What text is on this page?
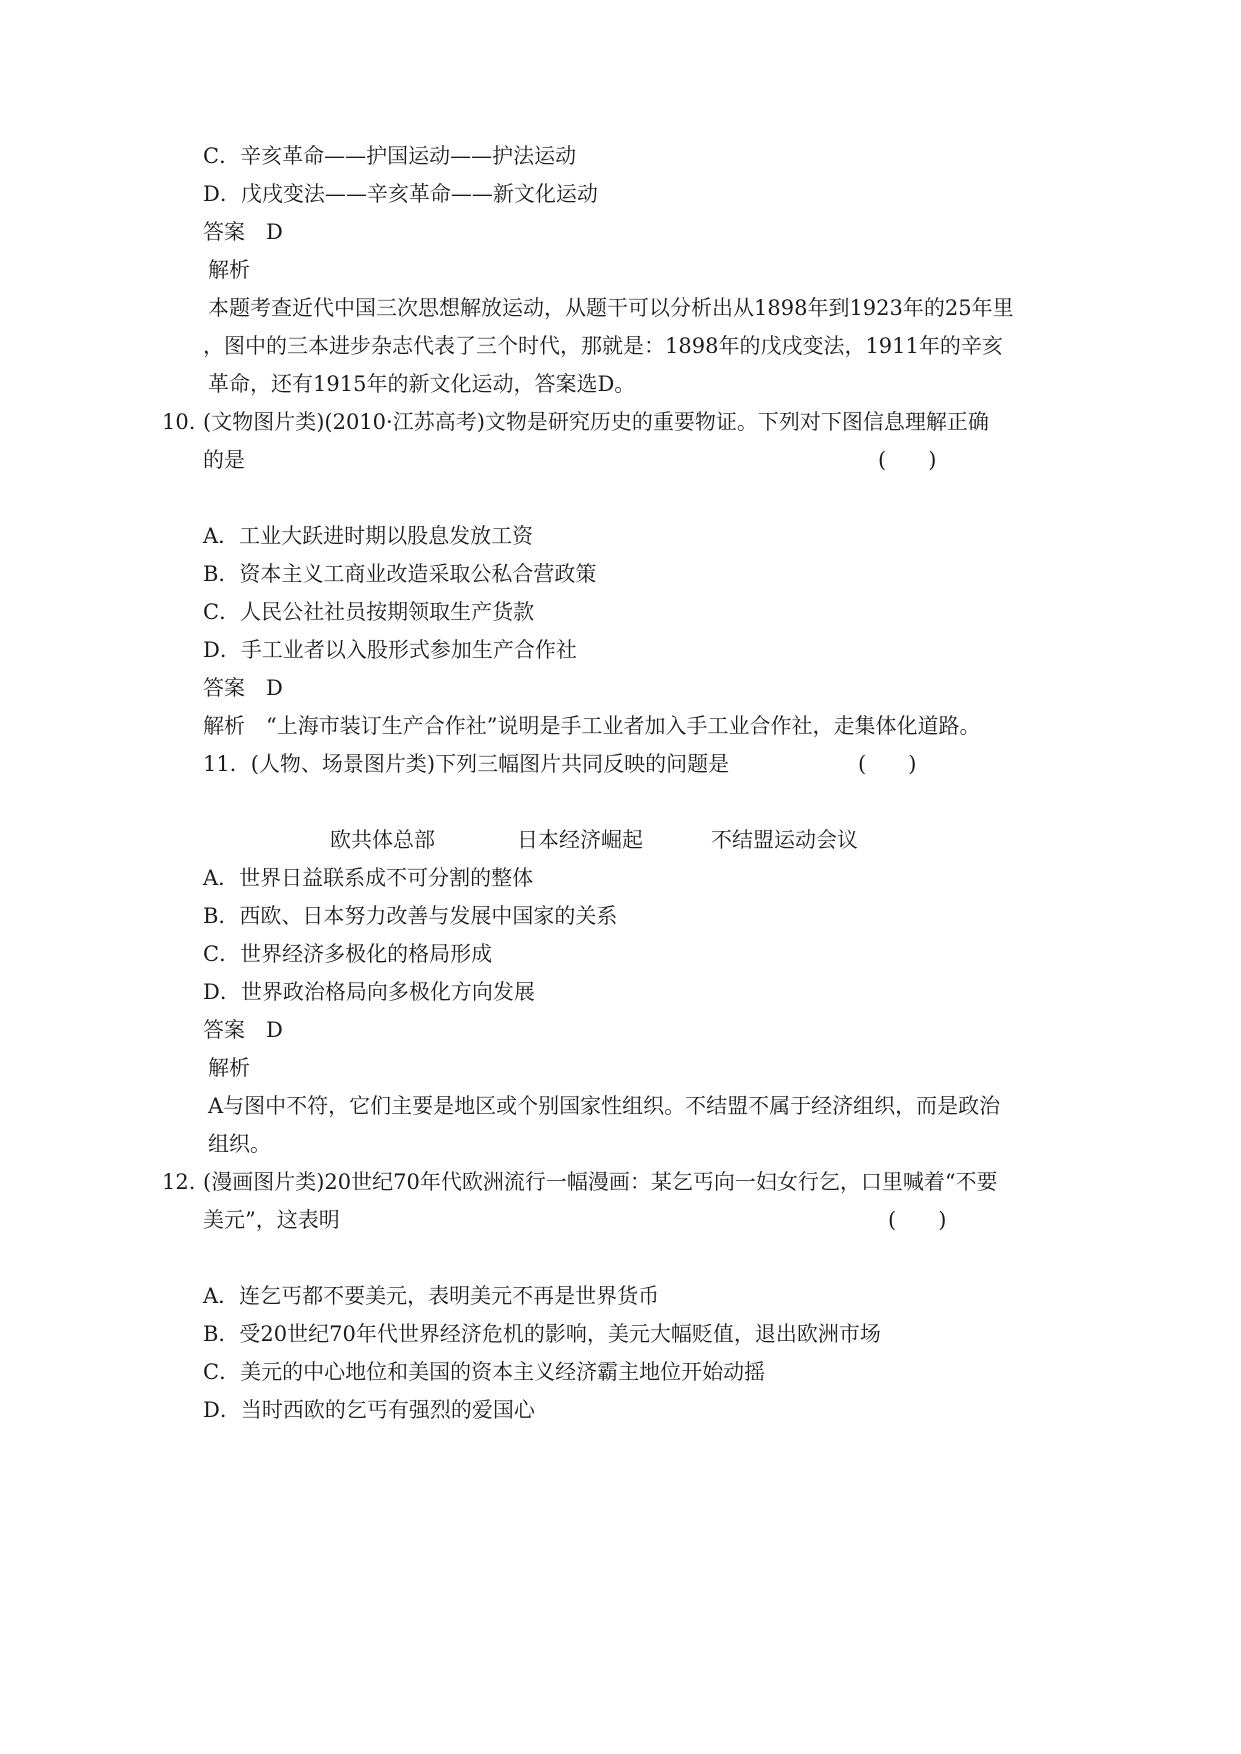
C．辛亥革命——护国运动——护法运动
D．戊戌变法——辛亥革命——新文化运动
答案　D
解析
本题考查近代中国三次思想解放运动，从题干可以分析出从1898年到1923年的25年里
，图中的三本进步杂志代表了三个时代，那就是：1898年的戊戌变法，1911年的辛亥
革命，还有1915年的新文化运动，答案选D。
10. (文物图片类)(2010·江苏高考)文物是研究历史的重要物证。下列对下图信息理解正确
的是	(　　)
A．工业大跃进时期以股息发放工资
B．资本主义工商业改造采取公私合营政策
C．人民公社社员按期领取生产货款
D．手工业者以入股形式参加生产合作社
答案　D
解析　“上海市装订生产合作社”说明是手工业者加入手工业合作社，走集体化道路。
11．(人物、场景图片类)下列三幅图片共同反映的问题是	(　　)
欧共体总部	日本经济崛起	不结盟运动会议
A．世界日益联系成不可分割的整体
B．西欧、日本努力改善与发展中国家的关系
C．世界经济多极化的格局形成
D．世界政治格局向多极化方向发展
答案　D
解析
A与图中不符，它们主要是地区或个别国家性组织。不结盟不属于经济组织，而是政治
组织。
12. (漫画图片类)20世纪70年代欧洲流行一幅漫画：某乞丐向一妇女行乞，口里喊着“不要
美元”，这表明	(　　)
A．连乞丐都不要美元，表明美元不再是世界货币
B．受20世纪70年代世界经济危机的影响，美元大幅贬值，退出欧洲市场
C．美元的中心地位和美国的资本主义经济霸主地位开始动摇
D．当时西欧的乞丐有强烈的爱国心
